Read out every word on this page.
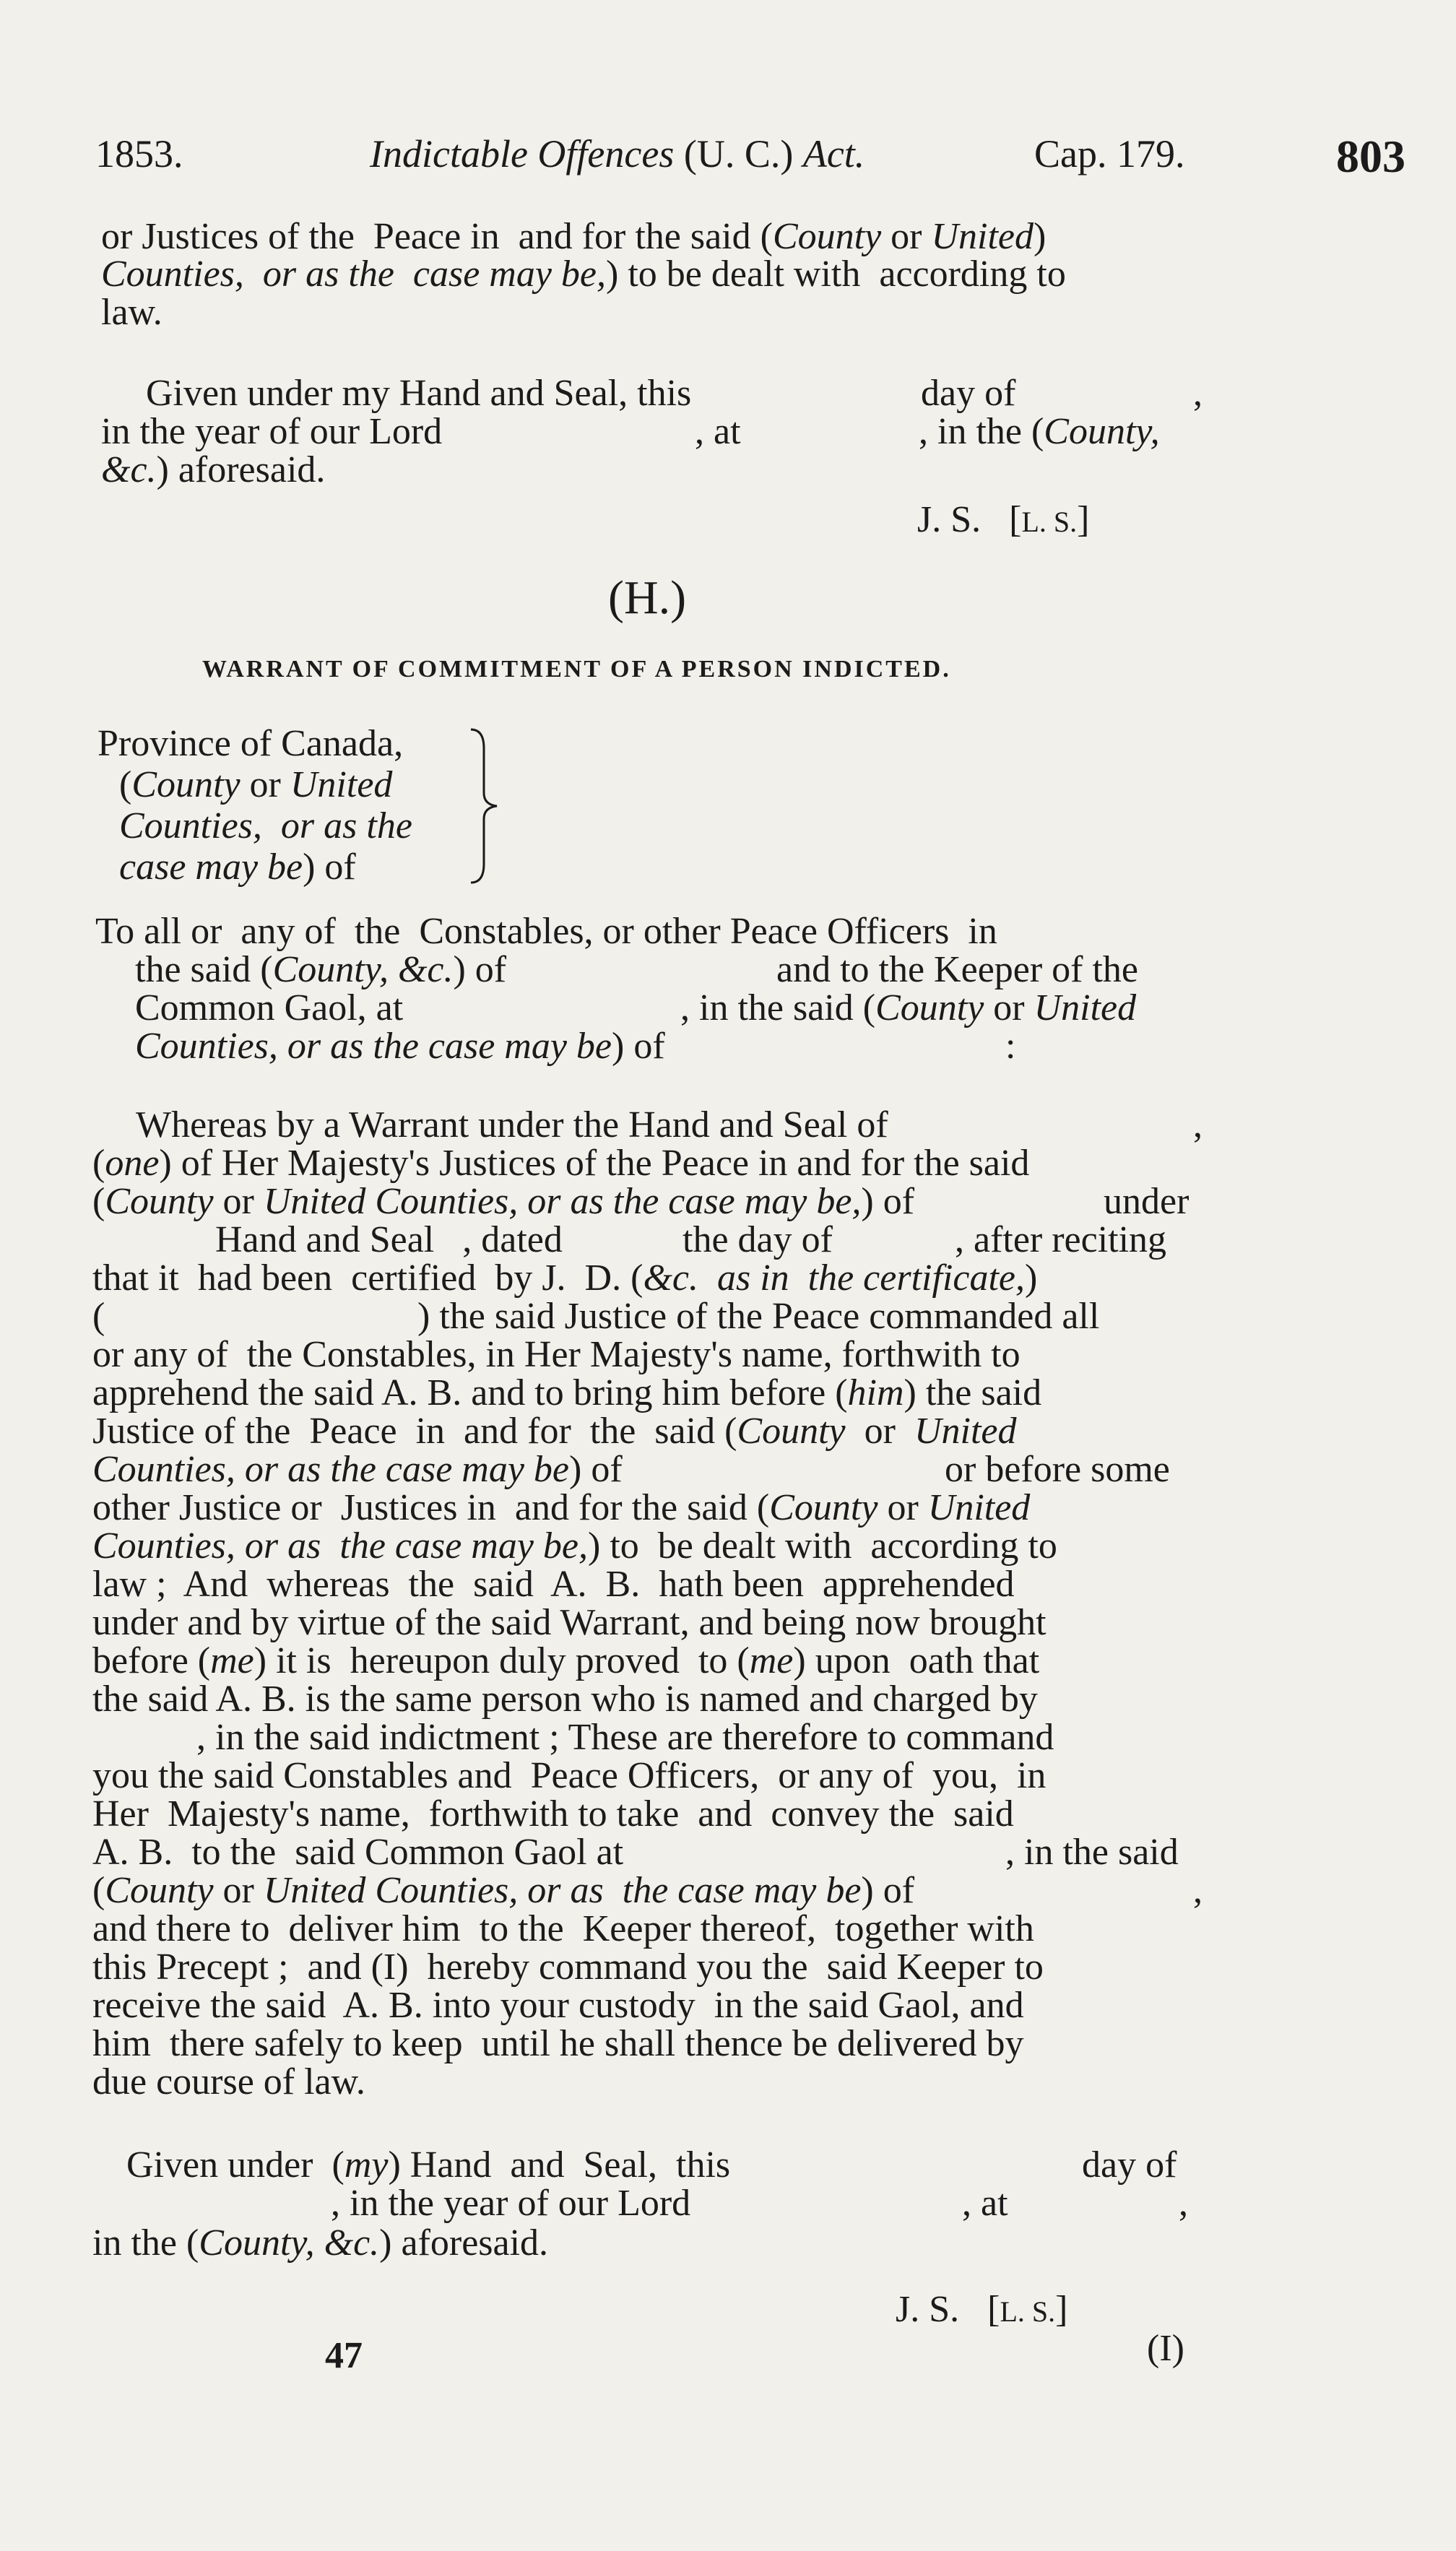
1853.	Indictable Offences (U. C.) Act.	Cap. 179.	803
or Justices of the  Peace in  and for the said (County or United)
Counties,  or as the  case may be,) to be dealt with  according to
law.
Given under my Hand and Seal, this	day of	,
in the year of our Lord	, at	, in the (County,
&c.) aforesaid.
J. S.   [L. S.]
(H.)
WARRANT OF COMMITMENT OF A PERSON INDICTED.
Province of Canada,
(County or United
Counties,  or as the
case may be) of
To all or  any of  the  Constables, or other Peace Officers  in
the said (County, &c.) of	and to the Keeper of the
Common Gaol, at	, in the said (County or United
Counties, or as the case may be) of	:
Whereas by a Warrant under the Hand and Seal of	,
(one) of Her Majesty's Justices of the Peace in and for the said
(County or United Counties, or as the case may be,) of	under
Hand and Seal   , dated	the day of	, after reciting
that it  had been  certified  by J.  D. (&c.  as in  the certificate,)
(	) the said Justice of the Peace commanded all
or any of  the Constables, in Her Majesty's name, forthwith to
apprehend the said A. B. and to bring him before (him) the said
Justice of the  Peace  in  and for  the  said (County  or  United
Counties, or as the case may be) of	or before some
other Justice or  Justices in  and for the said (County or United
Counties, or as  the case may be,) to  be dealt with  according to
law ;  And  whereas  the  said  A.  B.  hath been  apprehended
under and by virtue of the said Warrant, and being now brought
before (me) it is  hereupon duly proved  to (me) upon  oath that
the said A. B. is the same person who is named and charged by
, in the said indictment ; These are therefore to command
you the said Constables and  Peace Officers,  or any of  you,  in
Her  Majesty's name,  forthwith to take  and  convey the  said
A. B.  to the  said Common Gaol at	, in the said
(County or United Counties, or as  the case may be) of	,
and there to  deliver him  to the  Keeper thereof,  together with
this Precept ;  and (I)  hereby command you the  said Keeper to
receive the said  A. B. into your custody  in the said Gaol, and
him  there safely to keep  until he shall thence be delivered by
due course of law.
Given under  (my) Hand  and  Seal,  this	day of
, in the year of our Lord	, at	,
in the (County, &c.) aforesaid.
J. S.   [L. S.]
47	(I)
